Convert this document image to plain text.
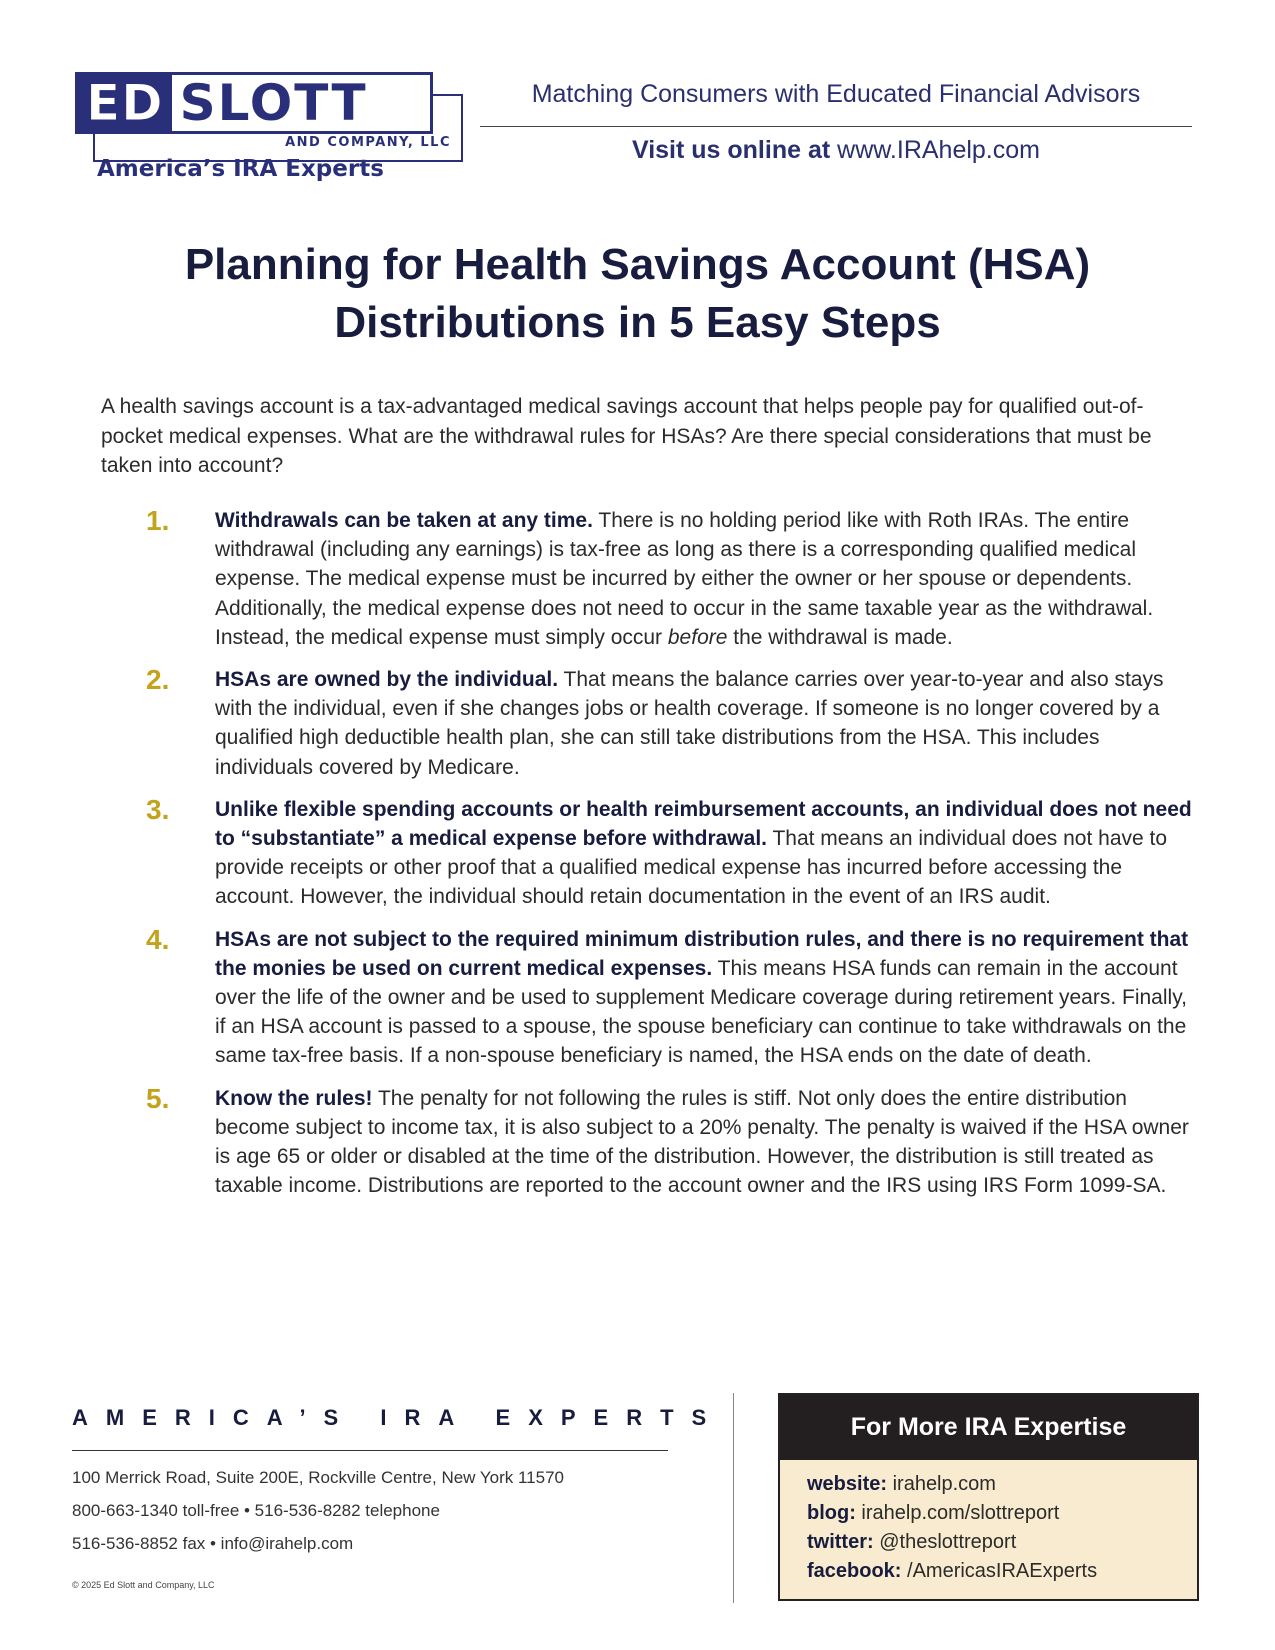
ED SLOTT
AND COMPANY, LLC
America’s IRA Experts
Matching Consumers with Educated Financial Advisors
Visit us online at www.IRAhelp.com
Planning for Health Savings Account (HSA)
Distributions in 5 Easy Steps
A health savings account is a tax-advantaged medical savings account that helps people pay for qualified out-of-pocket medical expenses. What are the withdrawal rules for HSAs? Are there special considerations that must be taken into account?
1.	Withdrawals can be taken at any time. There is no holding period like with Roth IRAs. The entire withdrawal (including any earnings) is tax-free as long as there is a corresponding qualified medical expense. The medical expense must be incurred by either the owner or her spouse or dependents. Additionally, the medical expense does not need to occur in the same taxable year as the withdrawal. Instead, the medical expense must simply occur before the withdrawal is made.
2.	HSAs are owned by the individual. That means the balance carries over year-to-year and also stays with the individual, even if she changes jobs or health coverage. If someone is no longer covered by a qualified high deductible health plan, she can still take distributions from the HSA. This includes individuals covered by Medicare.
3.	Unlike flexible spending accounts or health reimbursement accounts, an individual does not need to “substantiate” a medical expense before withdrawal. That means an individual does not have to provide receipts or other proof that a qualified medical expense has incurred before accessing the account. However, the individual should retain documentation in the event of an IRS audit.
4.	HSAs are not subject to the required minimum distribution rules, and there is no requirement that the monies be used on current medical expenses. This means HSA funds can remain in the account over the life of the owner and be used to supplement Medicare coverage during retirement years. Finally, if an HSA account is passed to a spouse, the spouse beneficiary can continue to take withdrawals on the same tax-free basis. If a non-spouse beneficiary is named, the HSA ends on the date of death.
5.	Know the rules! The penalty for not following the rules is stiff. Not only does the entire distribution become subject to income tax, it is also subject to a 20% penalty. The penalty is waived if the HSA owner is age 65 or older or disabled at the time of the distribution. However, the distribution is still treated as taxable income. Distributions are reported to the account owner and the IRS using IRS Form 1099-SA.
AMERICA’S IRA EXPERTS
100 Merrick Road, Suite 200E, Rockville Centre, New York 11570
800-663-1340 toll-free • 516-536-8282 telephone
516-536-8852 fax • info@irahelp.com
© 2025 Ed Slott and Company, LLC
For More IRA Expertise
website: irahelp.com
blog: irahelp.com/slottreport
twitter: @theslottreport
facebook: /AmericasIRAExperts
